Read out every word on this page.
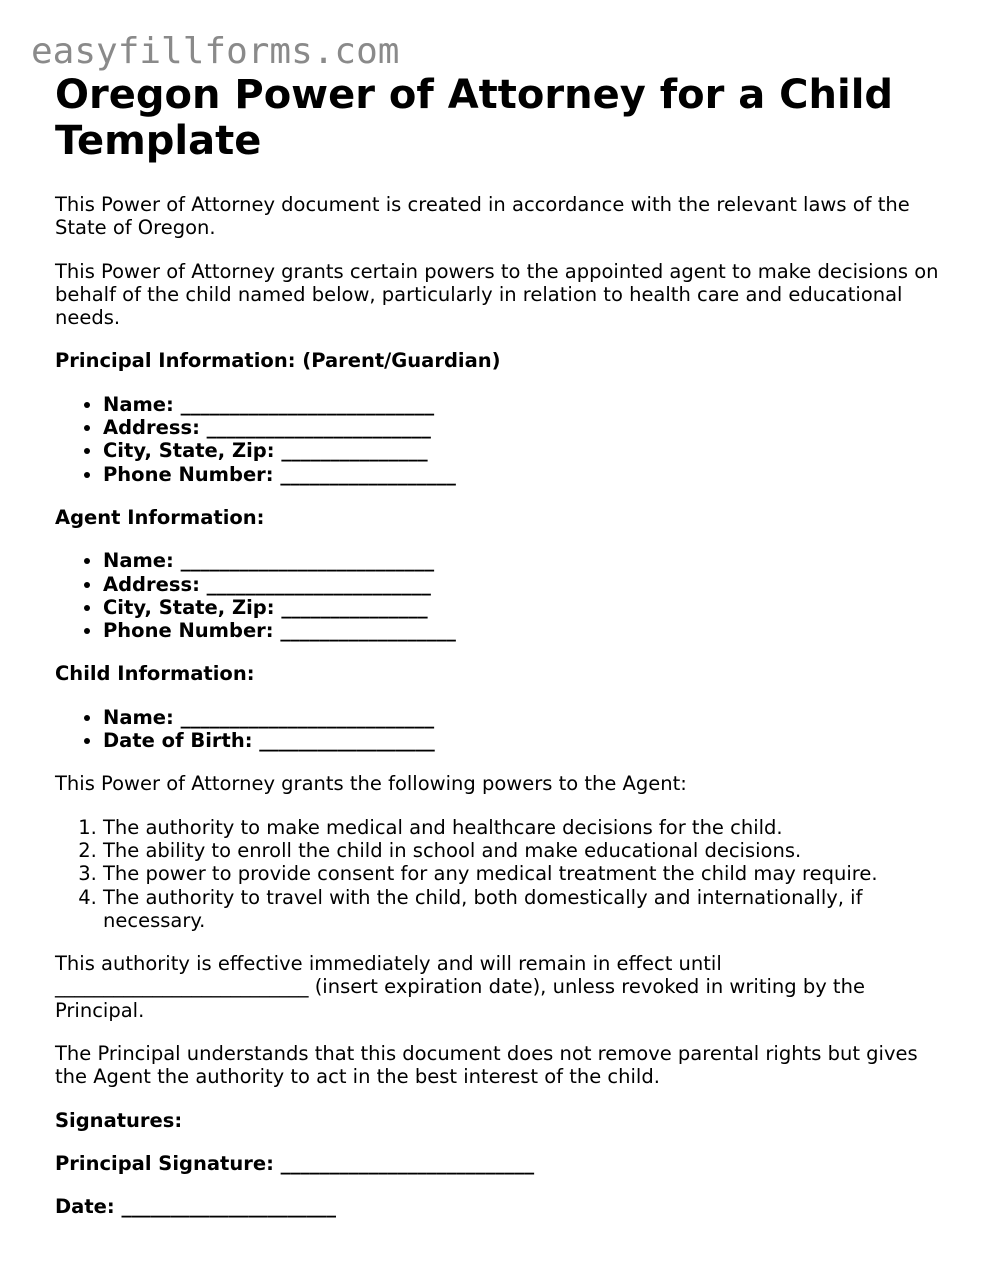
easyfillforms.com
Oregon Power of Attorney for a Child Template

This Power of Attorney document is created in accordance with the relevant laws of the State of Oregon.

This Power of Attorney grants certain powers to the appointed agent to make decisions on behalf of the child named below, particularly in relation to health care and educational needs.

Principal Information: (Parent/Guardian)

• Name: __________________________
• Address: _______________________
• City, State, Zip: _______________
• Phone Number: __________________

Agent Information:

• Name: __________________________
• Address: _______________________
• City, State, Zip: _______________
• Phone Number: __________________

Child Information:

• Name: __________________________
• Date of Birth: __________________

This Power of Attorney grants the following powers to the Agent:

1. The authority to make medical and healthcare decisions for the child.
2. The ability to enroll the child in school and make educational decisions.
3. The power to provide consent for any medical treatment the child may require.
4. The authority to travel with the child, both domestically and internationally, if necessary.

This authority is effective immediately and will remain in effect until
__________________________ (insert expiration date), unless revoked in writing by the Principal.

The Principal understands that this document does not remove parental rights but gives the Agent the authority to act in the best interest of the child.

Signatures:

Principal Signature: __________________________

Date: ______________________
